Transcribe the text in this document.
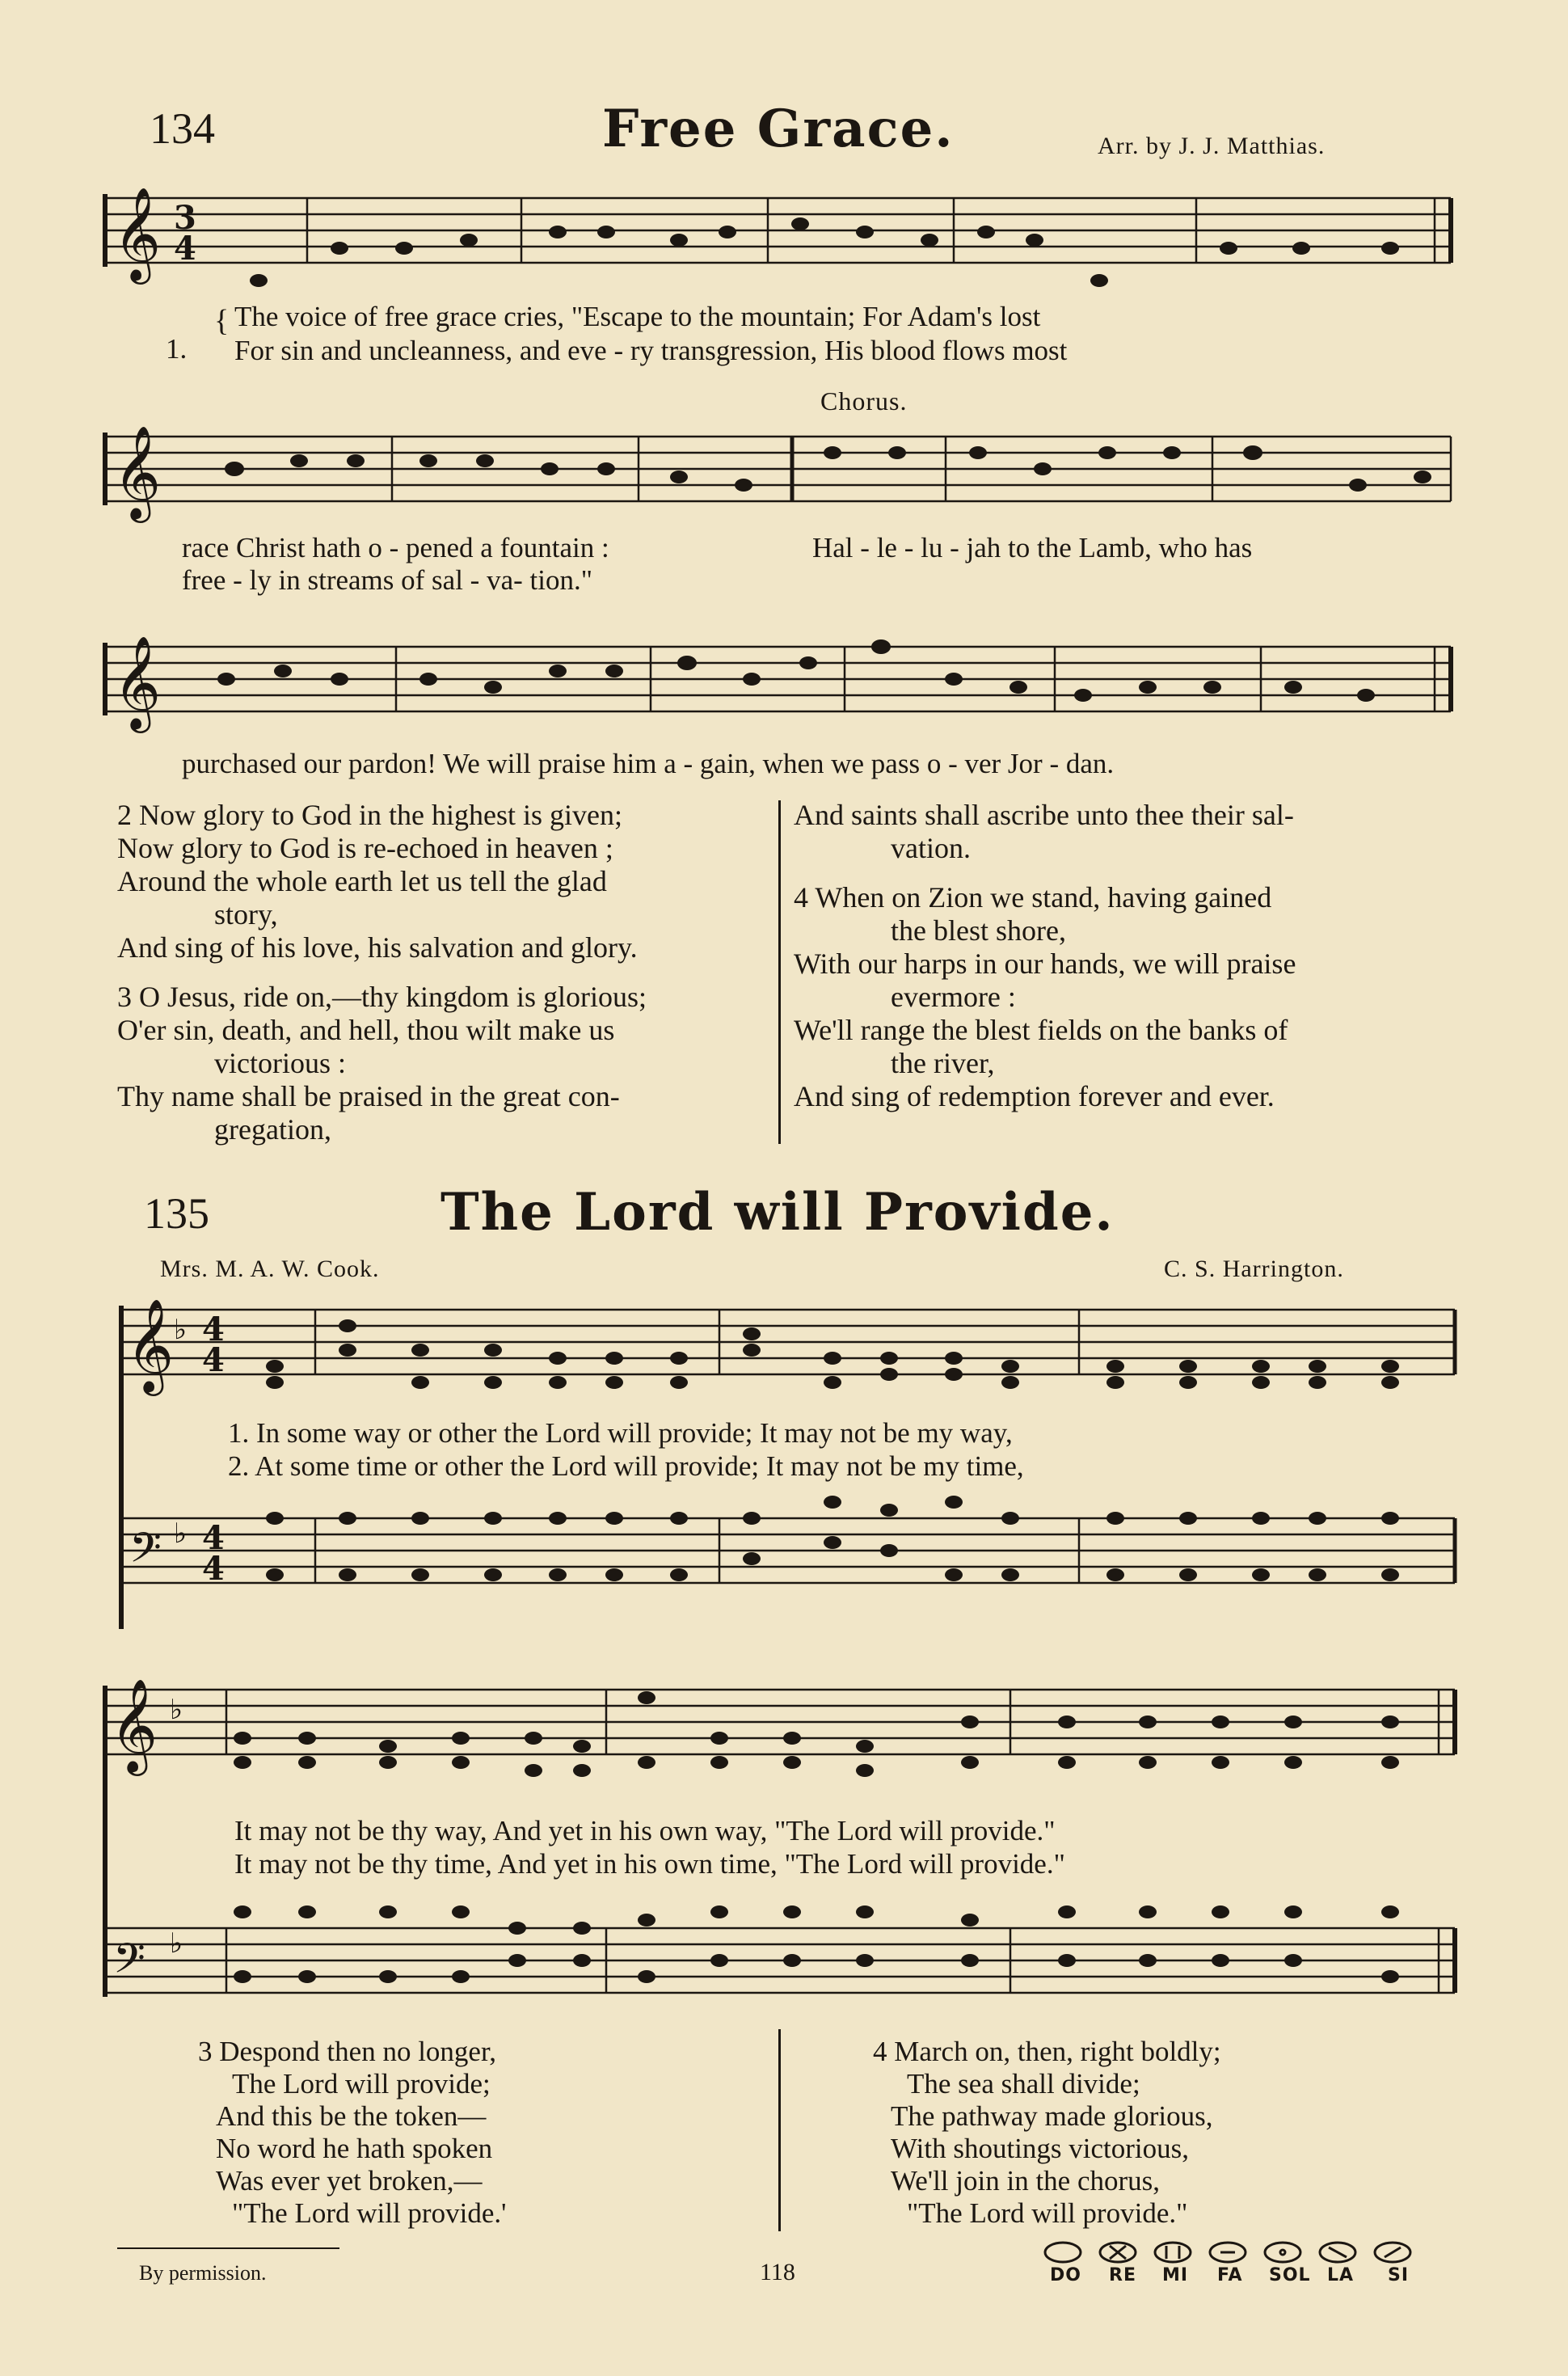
134	Free Grace.	Arr. by J. J. Matthias.
𝄞 3
4
1.
{ The voice of free grace cries, "Escape to the mountain; For Adam's lost
For sin and uncleanness, and eve - ry transgression, His blood flows most
Chorus.
𝄞
race Christ hath o - pened a fountain :	Hal - le - lu - jah to the Lamb, who has
free - ly in streams of sal - va- tion."
𝄞
purchased our pardon! We will praise him a - gain, when we pass o - ver Jor - dan.
2 Now glory to God in the highest is given;
Now glory to God is re-echoed in heaven ;
Around the whole earth let us tell the glad
story,
And sing of his love, his salvation and glory.
3 O Jesus, ride on,—thy kingdom is glorious;
O'er sin, death, and hell, thou wilt make us
victorious :
Thy name shall be praised in the great con-
gregation,
And saints shall ascribe unto thee their sal-
vation.
4 When on Zion we stand, having gained
the blest shore,
With our harps in our hands, we will praise
evermore :
We'll range the blest fields on the banks of
the river,
And sing of redemption forever and ever.
135	The Lord will Provide.
Mrs. M. A. W. Cook.	C. S. Harrington.
𝄞
𝄢
♭
♭
4
4
4
4
1. In some way or other the Lord will provide; It may not be my way,
2. At some time or other the Lord will provide; It may not be my time,
𝄞
𝄢
♭
♭
It may not be thy way, And yet in his own way, "The Lord will provide."
It may not be thy time, And yet in his own time, "The Lord will provide."
3 Despond then no longer,
The Lord will provide;
And this be the token—
No word he hath spoken
Was ever yet broken,—
"The Lord will provide.'
4 March on, then, right boldly;
The sea shall divide;
The pathway made glorious,
With shoutings victorious,
We'll join in the chorus,
"The Lord will provide."
By permission.	118	DO RE MI FA SOL LA SI
